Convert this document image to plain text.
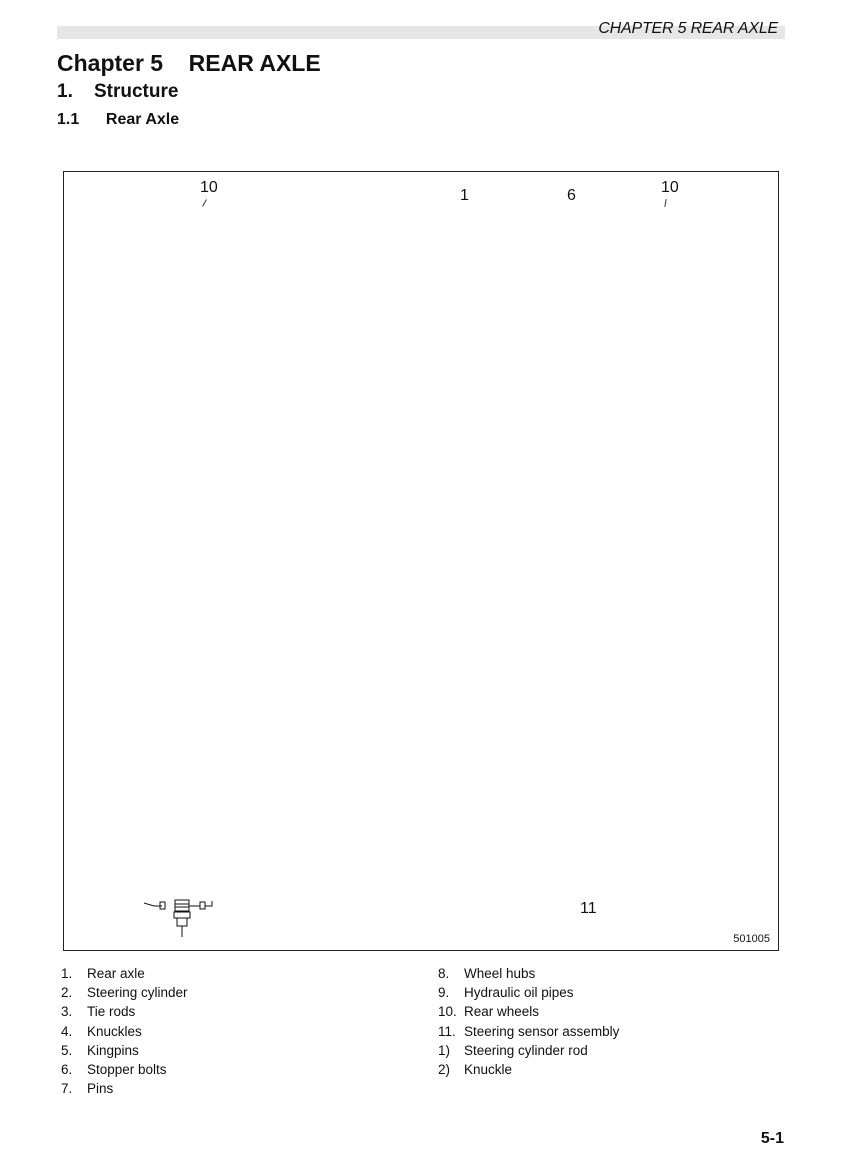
CHAPTER 5 REAR AXLE
Chapter 5    REAR AXLE
1.    Structure
1.1      Rear Axle
10	1	6	10
11
501005
1.	Rear axle
2.	Steering cylinder
3.	Tie rods
4.	Knuckles
5.	Kingpins
6.	Stopper bolts
7.	Pins
8.	Wheel hubs
9.	Hydraulic oil pipes
10. Rear wheels
11. Steering sensor assembly
1)	Steering cylinder rod
2)	Knuckle
5-1
